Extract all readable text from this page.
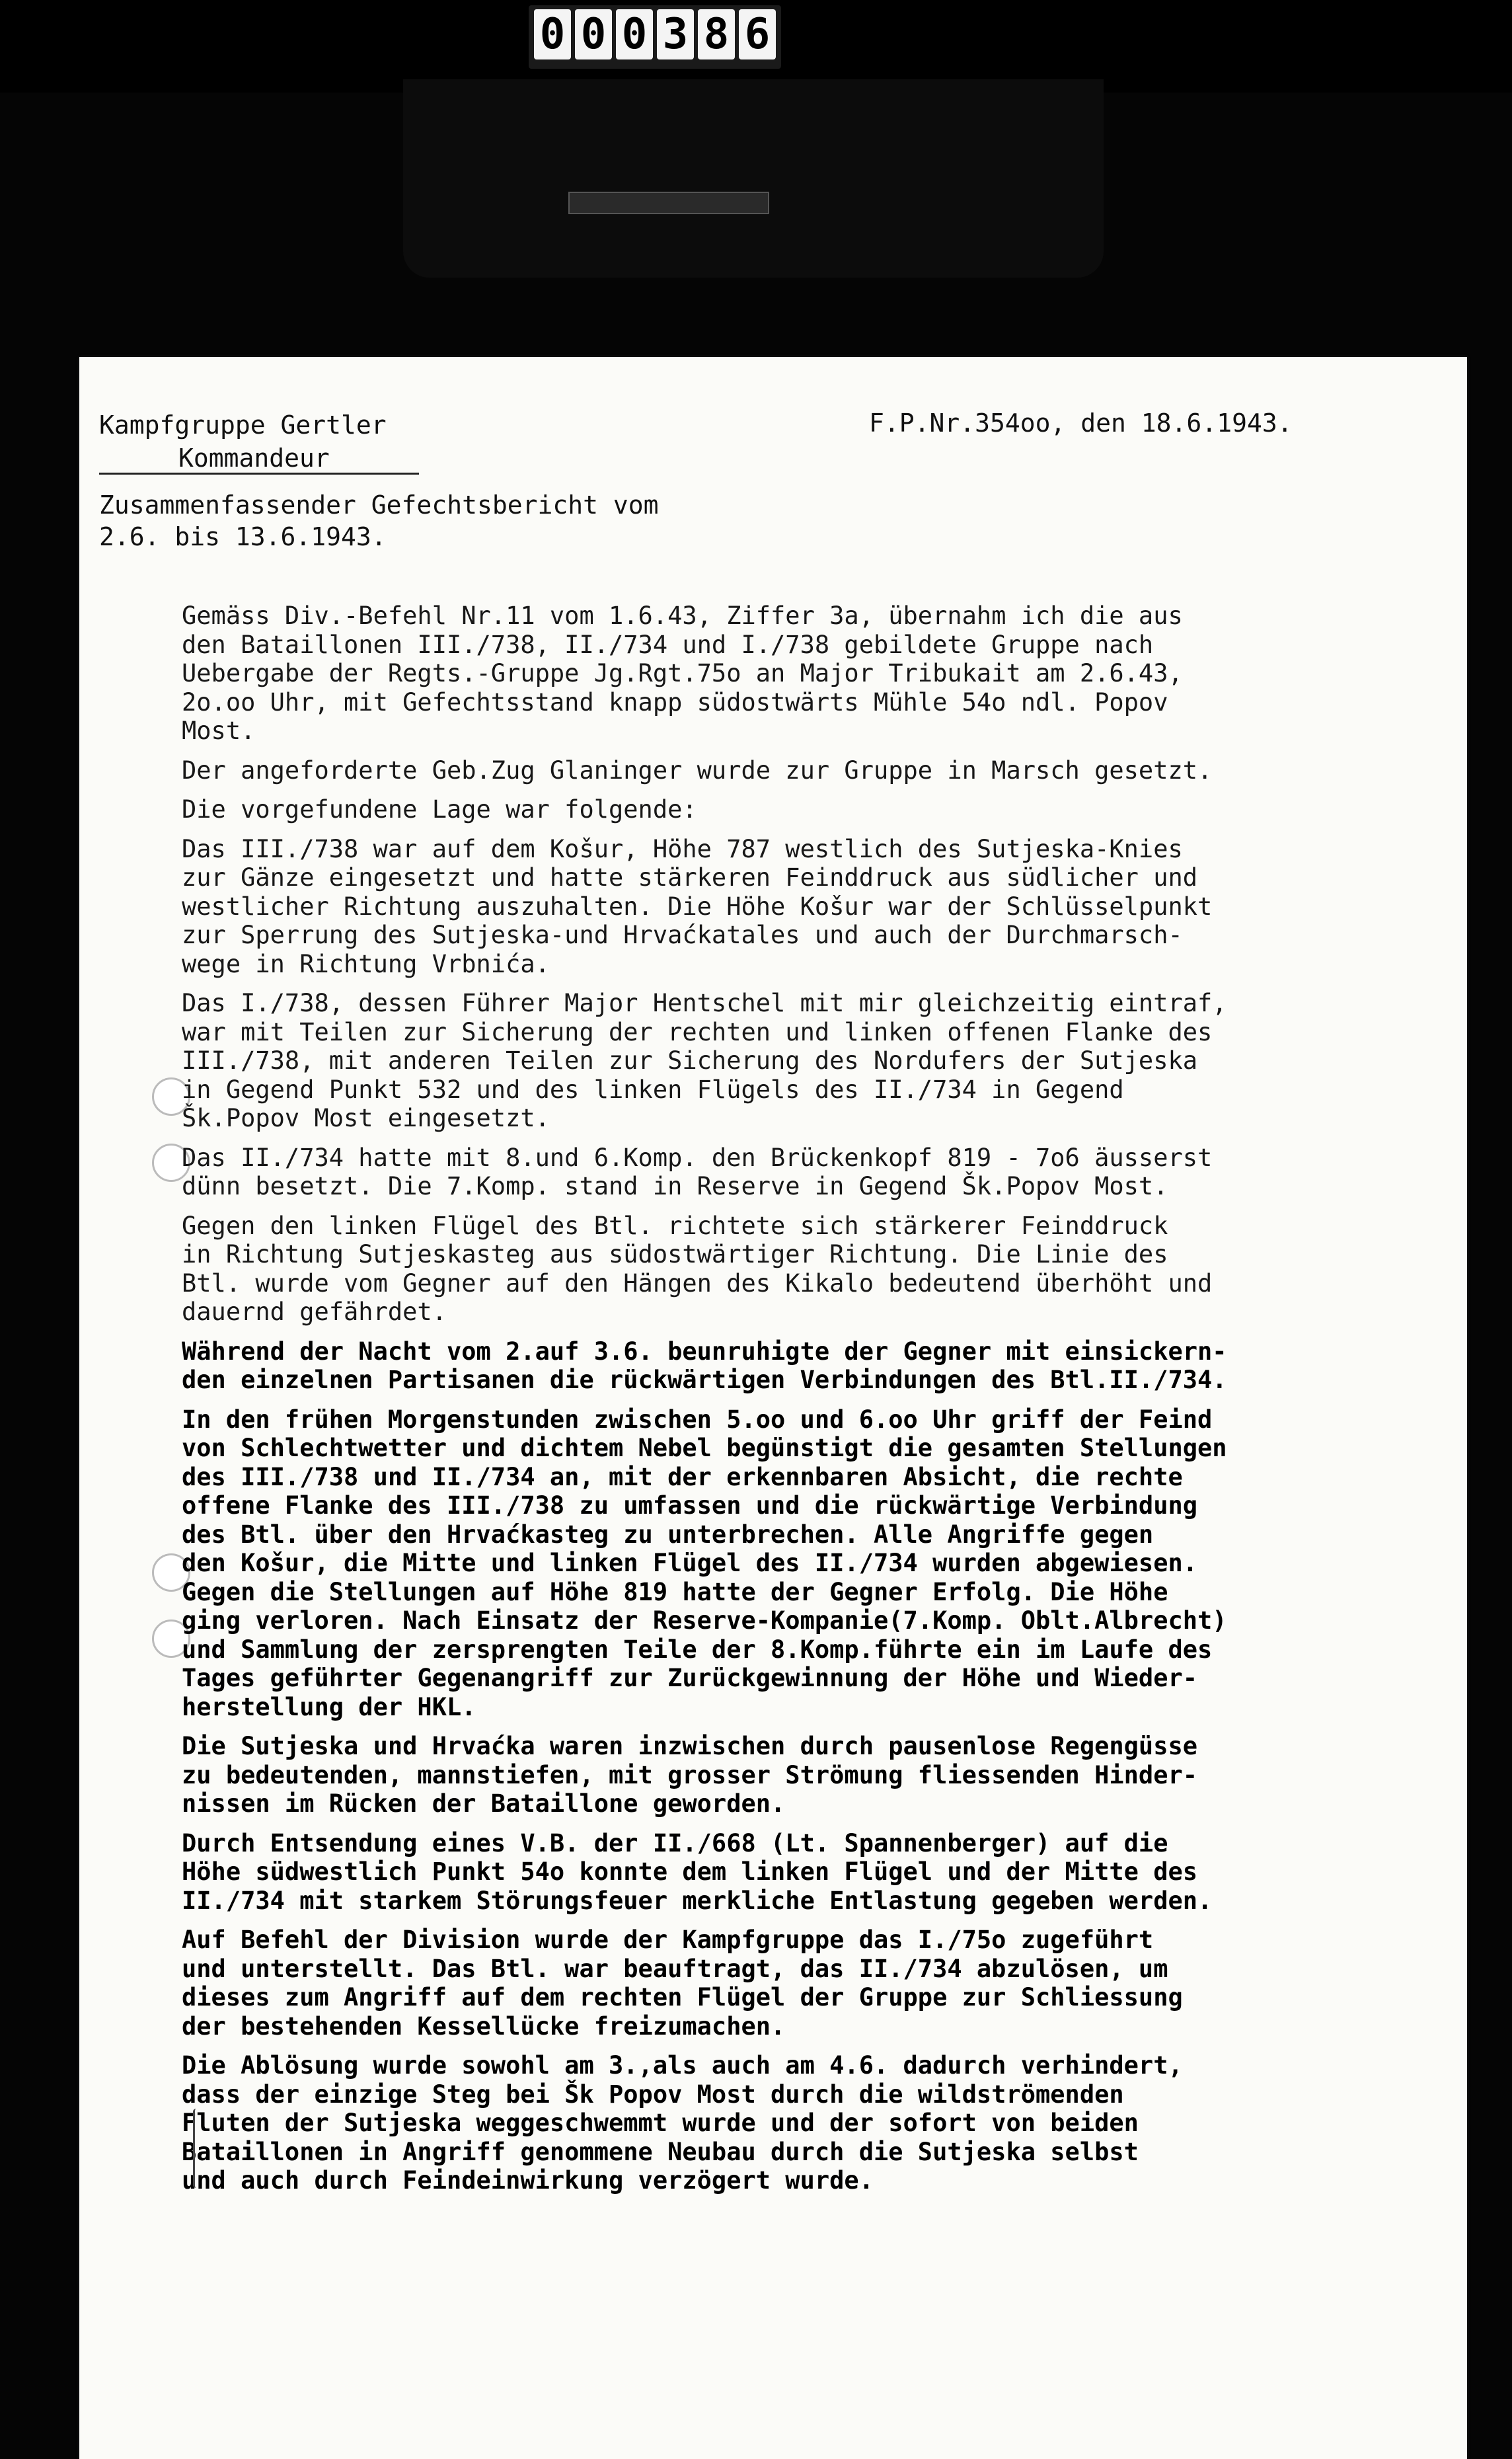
0 0 0 3 8 6
Kampfgruppe Gertler
Kommandeur
F.P.Nr.354oo, den 18.6.1943.
Zusammenfassender Gefechtsbericht vom
2.6. bis 13.6.1943.

Gemäss Div.-Befehl Nr.11 vom 1.6.43, Ziffer 3a, übernahm ich die aus
den Bataillonen III./738, II./734 und I./738 gebildete Gruppe nach
Uebergabe der Regts.-Gruppe Jg.Rgt.75o an Major Tribukait am 2.6.43,
2o.oo Uhr, mit Gefechtsstand knapp südostwärts Mühle 54o ndl. Popov
Most.

Der angeforderte Geb.Zug Glaninger wurde zur Gruppe in Marsch gesetzt.

Die vorgefundene Lage war folgende:

Das III./738 war auf dem Košur, Höhe 787 westlich des Sutjeska-Knies
zur Gänze eingesetzt und hatte stärkeren Feinddruck aus südlicher und
westlicher Richtung auszuhalten. Die Höhe Košur war der Schlüsselpunkt
zur Sperrung des Sutjeska-und Hrvaćkatales und auch der Durchmarsch-
wege in Richtung Vrbnića.

Das I./738, dessen Führer Major Hentschel mit mir gleichzeitig eintraf,
war mit Teilen zur Sicherung der rechten und linken offenen Flanke des
III./738, mit anderen Teilen zur Sicherung des Nordufers der Sutjeska
in Gegend Punkt 532 und des linken Flügels des II./734 in Gegend
Šk.Popov Most eingesetzt.

Das II./734 hatte mit 8.und 6.Komp. den Brückenkopf 819 - 7o6 äusserst
dünn besetzt. Die 7.Komp. stand in Reserve in Gegend Šk.Popov Most.

Gegen den linken Flügel des Btl. richtete sich stärkerer Feinddruck
in Richtung Sutjeskasteg aus südostwärtiger Richtung. Die Linie des
Btl. wurde vom Gegner auf den Hängen des Kikalo bedeutend überhöht und
dauernd gefährdet.

Während der Nacht vom 2.auf 3.6. beunruhigte der Gegner mit einsickern-
den einzelnen Partisanen die rückwärtigen Verbindungen des Btl.II./734.

In den frühen Morgenstunden zwischen 5.oo und 6.oo Uhr griff der Feind
von Schlechtwetter und dichtem Nebel begünstigt die gesamten Stellungen
des III./738 und II./734 an, mit der erkennbaren Absicht, die rechte
offene Flanke des III./738 zu umfassen und die rückwärtige Verbindung
des Btl. über den Hrvaćkasteg zu unterbrechen. Alle Angriffe gegen
den Košur, die Mitte und linken Flügel des II./734 wurden abgewiesen.
Gegen die Stellungen auf Höhe 819 hatte der Gegner Erfolg. Die Höhe
ging verloren. Nach Einsatz der Reserve-Kompanie(7.Komp. Oblt.Albrecht)
und Sammlung der zersprengten Teile der 8.Komp.führte ein im Laufe des
Tages geführter Gegenangriff zur Zurückgewinnung der Höhe und Wieder-
herstellung der HKL.

Die Sutjeska und Hrvaćka waren inzwischen durch pausenlose Regengüsse
zu bedeutenden, mannstiefen, mit grosser Strömung fliessenden Hinder-
nissen im Rücken der Bataillone geworden.

Durch Entsendung eines V.B. der II./668 (Lt. Spannenberger) auf die
Höhe südwestlich Punkt 54o konnte dem linken Flügel und der Mitte des
II./734 mit starkem Störungsfeuer merkliche Entlastung gegeben werden.

Auf Befehl der Division wurde der Kampfgruppe das I./75o zugeführt
und unterstellt. Das Btl. war beauftragt, das II./734 abzulösen, um
dieses zum Angriff auf dem rechten Flügel der Gruppe zur Schliessung
der bestehenden Kessellücke freizumachen.

Die Ablösung wurde sowohl am 3.,als auch am 4.6. dadurch verhindert,
dass der einzige Steg bei Šk Popov Most durch die wildströmenden
Fluten der Sutjeska weggeschwemmt wurde und der sofort von beiden
Bataillonen in Angriff genommene Neubau durch die Sutjeska selbst
und auch durch Feindeinwirkung verzögert wurde.
